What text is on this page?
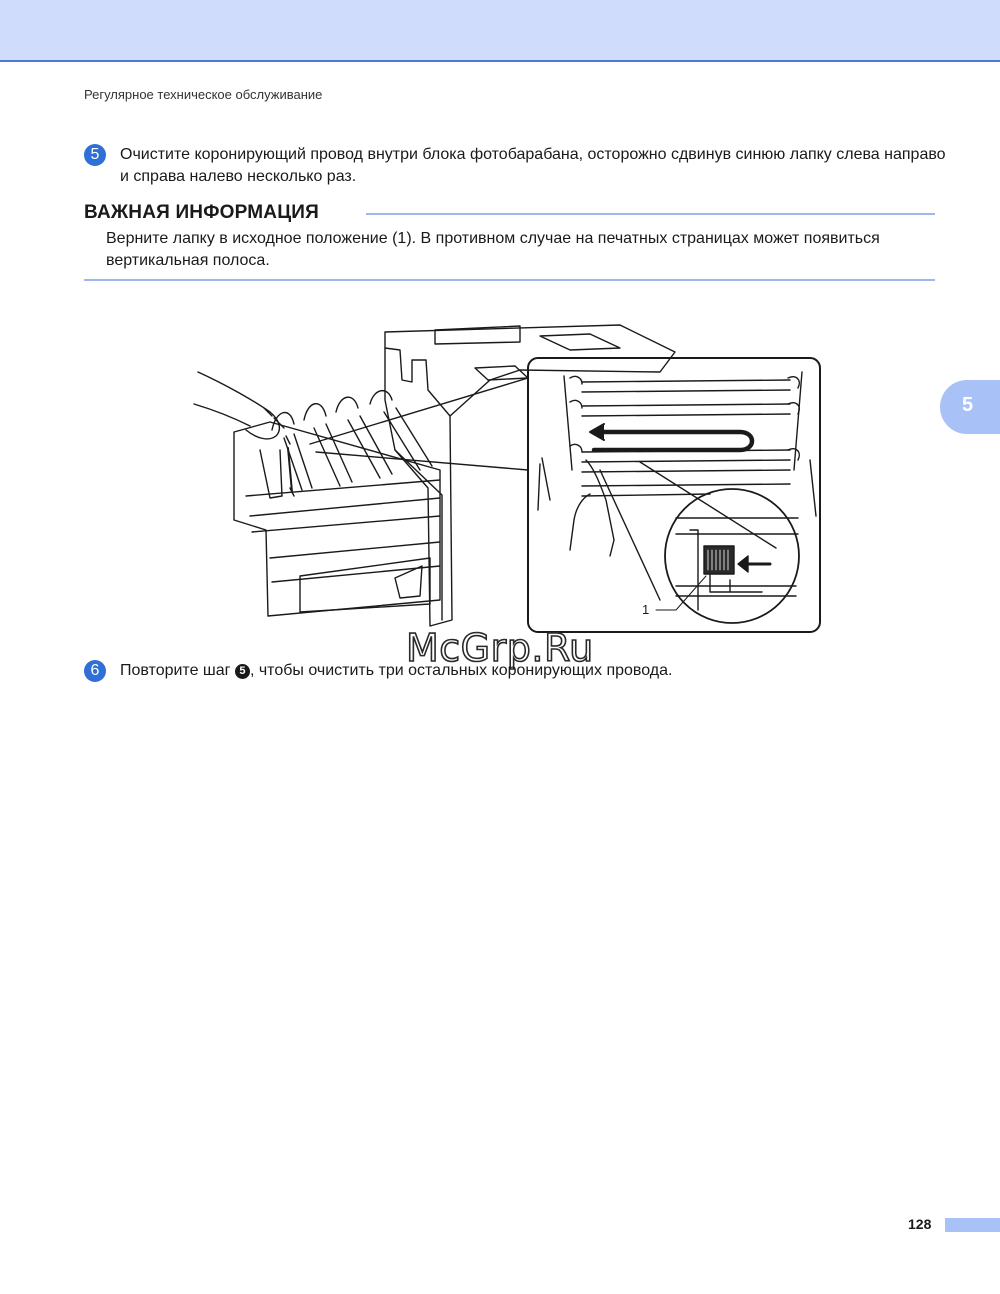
Регулярное техническое обслуживание
5	Очистите коронирующий провод внутри блока фотобарабана, осторожно сдвинув синюю лапку слева направо и справа налево несколько раз.
ВАЖНАЯ ИНФОРМАЦИЯ
Верните лапку в исходное положение (1). В противном случае на печатных страницах может появиться вертикальная полоса.
1
5
McGrp.Ru
6	Повторите шаг 5 , чтобы очистить три остальных коронирующих провода.
128
